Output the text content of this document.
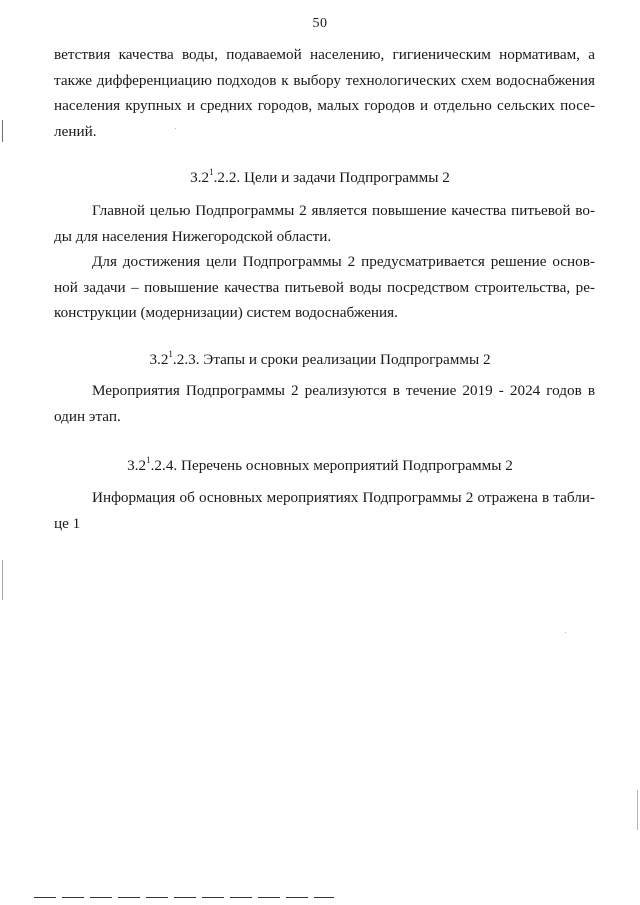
50
ветствия качества воды, подаваемой населению, гигиеническим нормативам, а
также дифференциацию подходов к выбору технологических схем водоснабжения
населения крупных и средних городов, малых городов и отдельно сельских посе-
лений.
$3.2^1.2.2$. Цели и задачи Подпрограммы 2
Главной целью Подпрограммы 2 является повышение качества питьевой во-
ды для населения Нижегородской области.
Для достижения цели Подпрограммы 2 предусматривается решение основ-
ной задачи – повышение качества питьевой воды посредством строительства, ре-
конструкции (модернизации) систем водоснабжения.
$3.2^1.2.3$. Этапы и сроки реализации Подпрограммы 2
Мероприятия Подпрограммы 2 реализуются в течение 2019 - 2024 годов в
один этап.
$3.2^1.2.4$. Перечень основных мероприятий Подпрограммы 2
Информация об основных мероприятиях Подпрограммы 2 отражена в табли-
це 1
